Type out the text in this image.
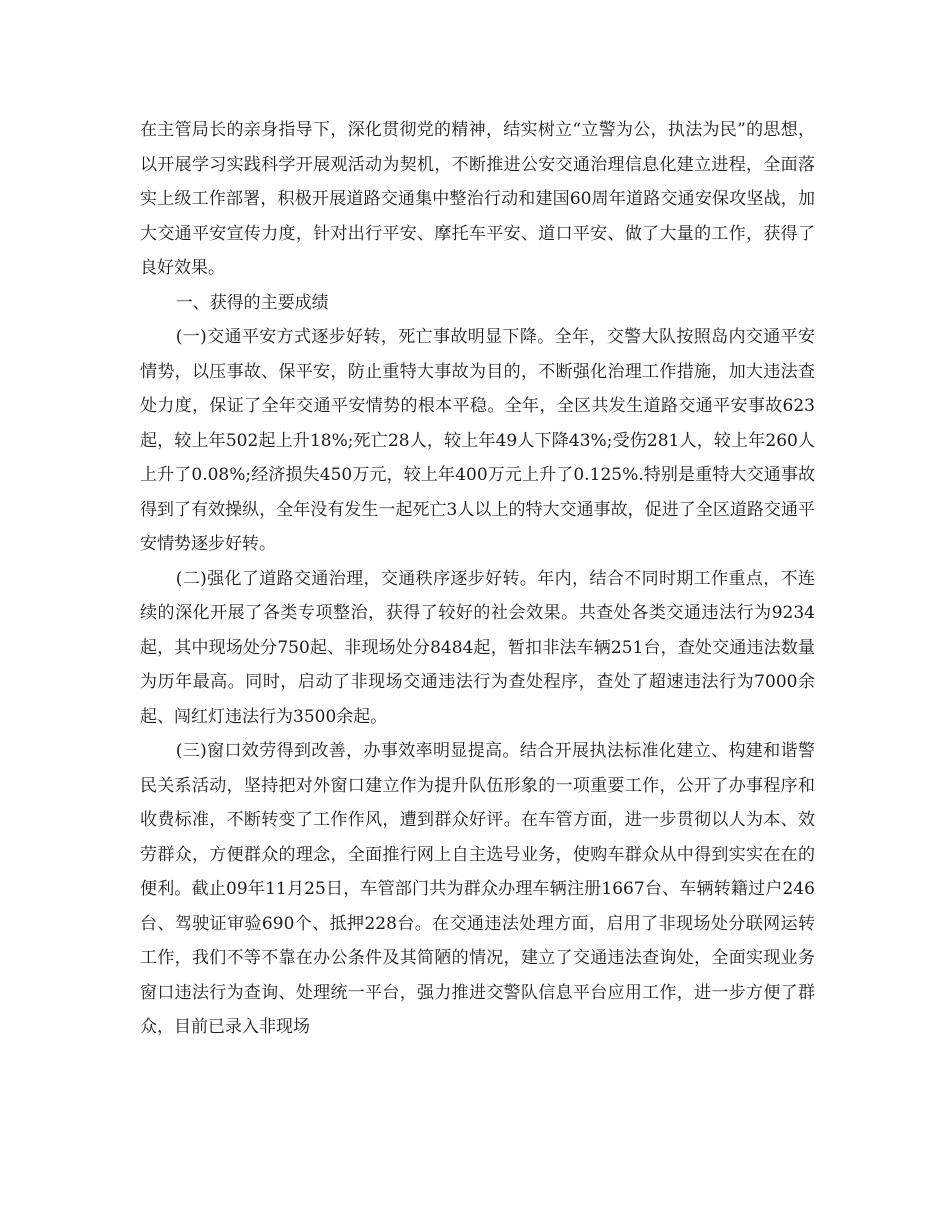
在主管局长的亲身指导下，深化贯彻党的精神，结实树立“立警为公，执法为民”的思想，以开展学习实践科学开展观活动为契机，不断推进公安交通治理信息化建立进程，全面落实上级工作部署，积极开展道路交通集中整治行动和建国60周年道路交通安保攻坚战，加大交通平安宣传力度，针对出行平安、摩托车平安、道口平安、做了大量的工作，获得了良好效果。

一、获得的主要成绩

(一)交通平安方式逐步好转，死亡事故明显下降。全年，交警大队按照岛内交通平安情势，以压事故、保平安，防止重特大事故为目的，不断强化治理工作措施，加大违法查处力度，保证了全年交通平安情势的根本平稳。全年，全区共发生道路交通平安事故623起，较上年502起上升18%;死亡28人，较上年49人下降43%;受伤281人，较上年260人上升了0.08%;经济损失450万元，较上年400万元上升了0.125%.特别是重特大交通事故得到了有效操纵，全年没有发生一起死亡3人以上的特大交通事故，促进了全区道路交通平安情势逐步好转。

(二)强化了道路交通治理，交通秩序逐步好转。年内，结合不同时期工作重点，不连续的深化开展了各类专项整治，获得了较好的社会效果。共查处各类交通违法行为9234起，其中现场处分750起、非现场处分8484起，暂扣非法车辆251台，查处交通违法数量为历年最高。同时，启动了非现场交通违法行为查处程序，查处了超速违法行为7000余起、闯红灯违法行为3500余起。

(三)窗口效劳得到改善，办事效率明显提高。结合开展执法标准化建立、构建和谐警民关系活动，坚持把对外窗口建立作为提升队伍形象的一项重要工作，公开了办事程序和收费标准，不断转变了工作作风，遭到群众好评。在车管方面，进一步贯彻以人为本、效劳群众，方便群众的理念，全面推行网上自主选号业务，使购车群众从中得到实实在在的便利。截止09年11月25日，车管部门共为群众办理车辆注册1667台、车辆转籍过户246台、驾驶证审验690个、抵押228台。在交通违法处理方面，启用了非现场处分联网运转工作，我们不等不靠在办公条件及其简陋的情况，建立了交通违法查询处，全面实现业务窗口违法行为查询、处理统一平台，强力推进交警队信息平台应用工作，进一步方便了群众，目前已录入非现场
